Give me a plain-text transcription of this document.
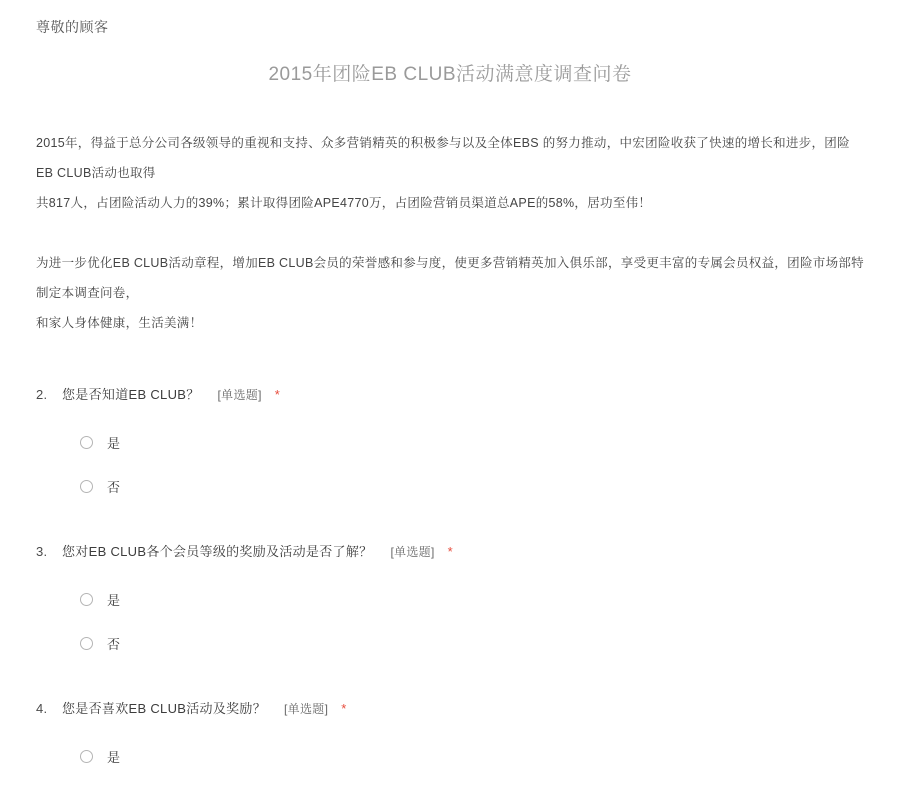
尊敬的顾客
2015年团险EB CLUB活动满意度调查问卷

2015年，得益于总分公司各级领导的重视和支持、众多营销精英的积极参与以及全体EBS 的努力推动，中宏团险收获了快速的增长和进步，团险EB CLUB活动也取得

共817人，占团险活动人力的39%；累计取得团险APE4770万，占团险营销员渠道总APE的58%，居功至伟！

为进一步优化EB CLUB活动章程，增加EB CLUB会员的荣誉感和参与度，使更多营销精英加入俱乐部，享受更丰富的专属会员权益，团险市场部特制定本调查问卷，

和家人身体健康，生活美满！

2.	您是否知道EB CLUB？ [单选题] *
是
否
3.	您对EB CLUB各个会员等级的奖励及活动是否了解？ [单选题] *
是
否
4.	您是否喜欢EB CLUB活动及奖励？ [单选题] *
是
